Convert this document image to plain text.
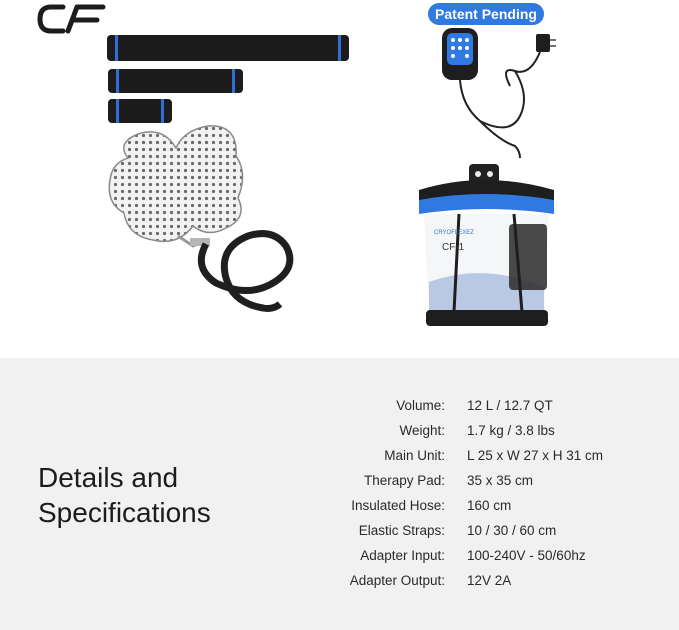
Patent Pending
CRYOFLEXEZ
CF-1
Details and
Specifications
Volume: 12 L / 12.7 QT
Weight: 1.7 kg / 3.8 lbs
Main Unit: L 25 x W 27 x H 31 cm
Therapy Pad: 35 x 35 cm
Insulated Hose: 160 cm
Elastic Straps: 10 / 30 / 60 cm
Adapter Input: 100-240V - 50/60hz
Adapter Output: 12V 2A
